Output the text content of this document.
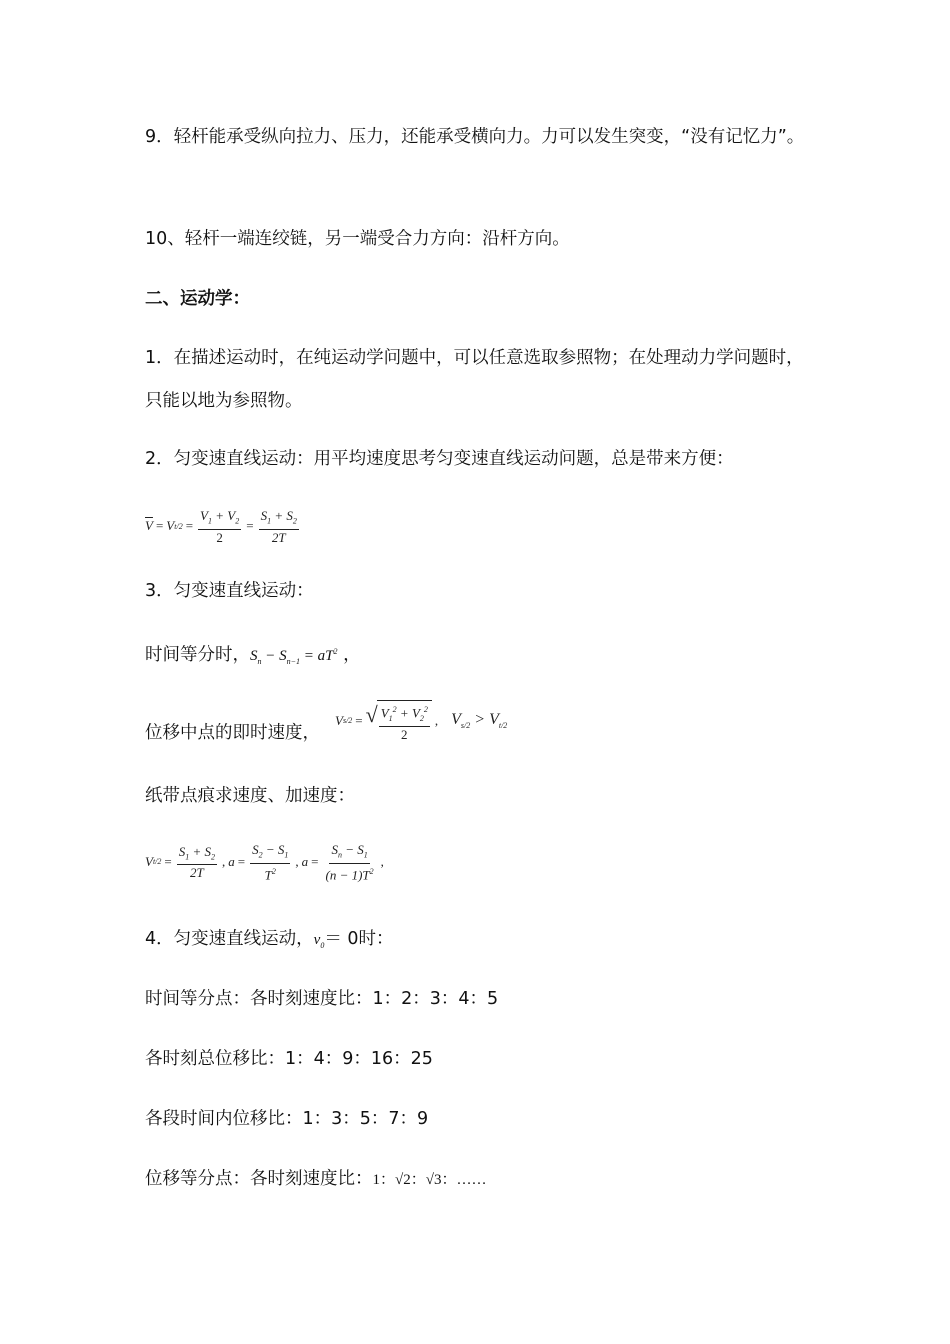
9．轻杆能承受纵向拉力、压力，还能承受横向力。力可以发生突变，“没有记忆力”。

10、轻杆一端连绞链，另一端受合力方向：沿杆方向。

二、运动学：

1．在描述运动时，在纯运动学问题中，可以任意选取参照物；在处理动力学问题时，只能以地为参照物。

2．匀变速直线运动：用平均速度思考匀变速直线运动问题，总是带来方便：

$\overline{V} = V$ $t/2 = \frac{V_1 + V_2}{2} = \frac{S_1 + S_2}{2T}$

3．匀变速直线运动：

时间等分时，$S_n - S_{n-1} = aT^2$ ，

位移中点的即时速度，

V s/2 = √ $\frac{V_1^2 + V_2^2}{2}$ , $V_{s/2} > V_{t/2}$

纸带点痕求速度、加速度：

V $t/2 = \frac{S_1 + S_2}{2T}$ , $a = \frac{S_2 - S_1}{T^2}$ , $a = \frac{S_n - S_1}{(n - 1)T^2}$ ,

4．匀变速直线运动，$v_0= 0$时：

时间等分点：各时刻速度比：1：2：3：4：5

各时刻总位移比：1：4：9：16：25

各段时间内位移比：1：3：5：7：9

位移等分点：各时刻速度比：1：√2：√3：……
